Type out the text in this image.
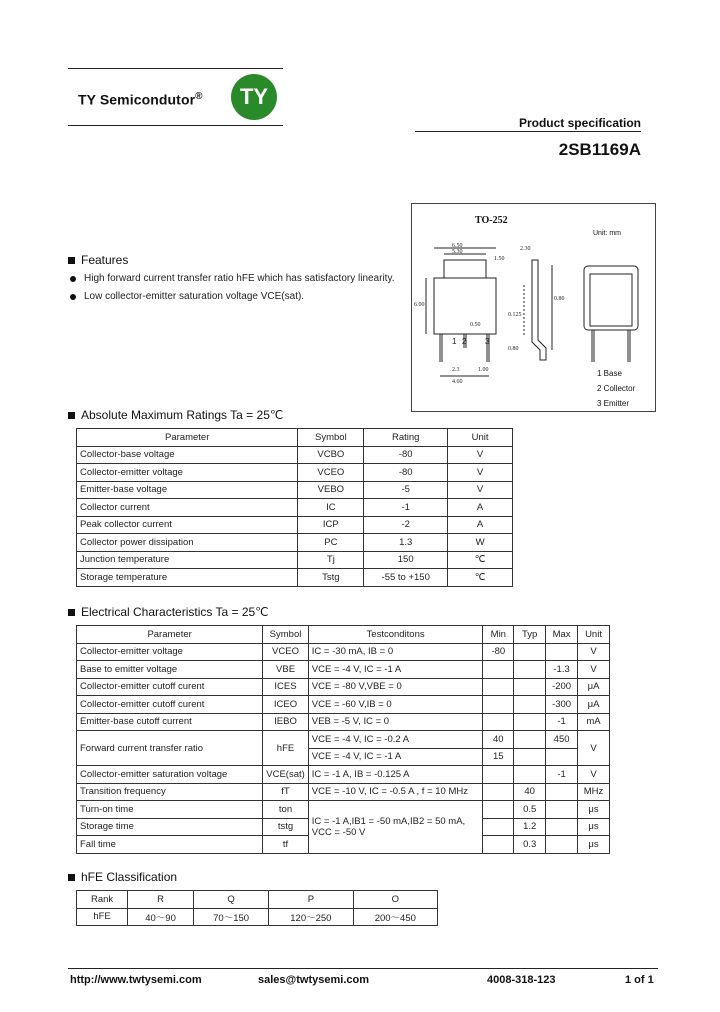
TY Semicondutor®	TY
Product specification
2SB1169A
TO-252
Unit: mm
6.50
5.30
1.50
2.30
6.00
0.125
2.3
4.60
1.00
0.50
0.80
0.80
1 2 3
1 Base
2 Collector
3 Emitter
Features
High forward current transfer ratio hFE which has satisfactory linearity.
Low collector-emitter saturation voltage VCE(sat).
Absolute Maximum Ratings Ta = 25℃
Parameter	Symbol	Rating	Unit
Collector-base voltage	VCBO	-80	V
Collector-emitter voltage	VCEO	-80	V
Emitter-base voltage	VEBO	-5	V
Collector current	IC	-1	A
Peak collector current	ICP	-2	A
Collector power dissipation	PC	1.3	W
Junction temperature	Tj	150	℃
Storage temperature	Tstg	-55 to +150	℃
Electrical Characteristics Ta = 25℃
Parameter	Symbol	Testconditons	Min	Typ	Max	Unit
Collector-emitter voltage	VCEO	IC = -30 mA, IB = 0	-80			V
Base to emitter voltage	VBE	VCE = -4 V, IC = -1 A			-1.3	V
Collector-emitter cutoff curent	ICES	VCE = -80 V,VBE = 0			-200	μA
Collector-emitter cutoff curent	ICEO	VCE = -60 V,IB = 0			-300	μA
Emitter-base cutoff current	IEBO	VEB = -5 V, IC = 0			-1	mA
Forward current transfer ratio	hFE	VCE = -4 V, IC = -0.2 A	40		450	V
		VCE = -4 V, IC = -1 A	15			
Collector-emitter saturation voltage	VCE(sat)	IC = -1 A, IB = -0.125 A			-1	V
Transition frequency	fT	VCE = -10 V, IC = -0.5 A , f = 10 MHz		40		MHz
Turn-on time	ton	IC = -1 A,IB1 = -50 mA,IB2 = 50 mA, VCC = -50 V		0.5		μs
Storage time	tstg			1.2		μs
Fall time	tf			0.3		μs
hFE Classification
Rank	R	Q	P	O
hFE	40～90	70～150	120～250	200～450
http://www.twtysemi.com	sales@twtysemi.com	4008-318-123	1 of 1
